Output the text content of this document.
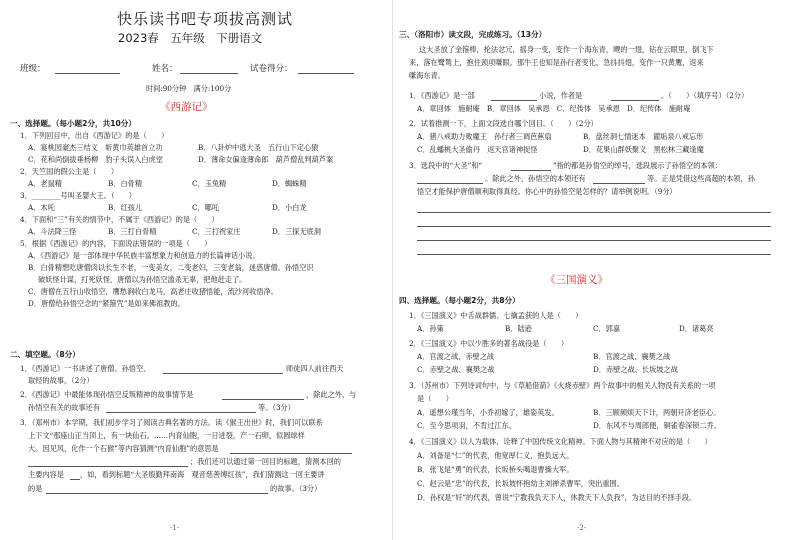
快乐读书吧专项拔高测试
2023春　五年级　下册语文
班级：	姓名：	试卷得分：
时间:90分钟　满分:100分
《西游记》
一、选择题。（每小题2分，共10分）
1．下列回目中，出自《西游记》的是（　　）
A．宴桃园豪杰三结义　斩黄巾英雄首立功	B．八卦炉中逃大圣　五行山下定心猿
C．花和尚倒拔垂杨柳　豹子头误入白虎堂	D．薄命女偏逢薄命郎　葫芦僧乱判葫芦案
2．天竺国的假公主是（　　）
A．老鼠精	B．白骨精	C．玉兔精	D．蜘蛛精
3．________号叫圣婴大王。（　　）
A．木吒	B．红孩儿	C．哪吒	D．小白龙
4．下面和“三”有关的情节中，不属于《西游记》的是（　　）
A．斗法降三怪	B．三打白骨精	C．三打祝家庄	D．三探无底洞
5．根据《西游记》的内容，下面说法错误的一项是（　　）
A．《西游记》是一部体现中华民族丰富想象力和创造力的长篇神话小说。
B．白骨精想吃唐僧肉以长生不老，一变美女，二变老妇，三变老翁，迷惑唐僧。孙悟空识
破妖怪计谋，打死妖怪，唐僧以为孙悟空滥杀无辜，把他赶走了。
C．唐僧在五行山收悟空，鹰愁涧收白龙马，高老庄收猪悟能，流沙河收悟净。
D．唐僧给孙悟空念的“紧箍咒”是如来佛祖教的。
二、填空题。（8分）
1．《西游记》一书讲述了唐僧、孙悟空、	师徒四人前往西天
取经的故事。（2分）
2．《西游记》中最能体现孙悟空反叛精神的故事情节是	，除此之外，与
孙悟空有关的故事还有	等。（3分）
3．（郑州市）本学期，我们初步学习了阅读古典名著的方法。读《猴王出世》时，我们可以联系
上下文“那座山正当顶上，有一块仙石。……内育仙胞，一日迸裂，产一石卵，似圆球样
大。因见风，化作一个石猴”等内容猜测“内育仙胞”的意思是
；我们还可以通过第一回目的标题，猜测本回的
主要内容是 ，如，看到标题“大圣殷勤拜南海　观音慈善缚红孩”，我们猜测这一回主要讲
的是	的故事。（3分）
-1-
三、（洛阳市）读文段，完成练习。（13分）
这大圣放了金箍棒，抡法忿冗，摇身一变，变作一个海东青，飕的一翅，钻在云眼里，倒飞下
来，落在鹭鸶上，抱住颈项嗛眼。那牛王也知是孙行者变化，急抖抖翅，变作一只黄鹰，返来
嗛海东青。
1．《西游记》是一部	小说，作者是	。（　　）（填序号）（2分）
A．章回体　施耐庵　B．章回体　吴承恩　C．纪传体　吴承恩　D．纪传体　施耐庵
2．试着推测一下，上面文段选自哪个回目。（　　）（2分）
A．猪八戒助力败魔王　孙行者三调芭蕉扇	B．盘丝洞七情迷本　濯垢泉八戒忘形
C．乱蟠桃大圣偷丹　返天宫诸神捉怪	D．花果山群妖聚义　黑松林三藏逢魔
3．选段中的“大圣”和“	”指的都是孙悟空的绰号，选段展示了孙悟空的本领：
。除此之外，孙悟空的本领还有	等。正是凭借这些高超的本领，孙
悟空才能保护唐僧顺利取得真经。你心中的孙悟空是怎样的？请举例说明。（9分）
《三国演义》
四、选择题。（每小题2分，共8分）
1．《三国演义》中舌战群儒、七擒孟获的人是（　　）
A．孙策	B．陆逊	C．郭嘉	D．诸葛亮
2．《三国演义》中以少胜多的著名战役是（　　）
A．官渡之战、赤壁之战	B．官渡之战、襄樊之战
C．赤壁之战、襄樊之战	D．赤壁之战、长坂坡之战
3．（苏州市）下列诗词句中，与《草船借箭》《火烧赤壁》两个故事中的相关人物没有关系的一项
是（　　）
A．遥想公瑾当年，小乔初嫁了，雄姿英发。	B．三顾频烦天下计，两朝开济老臣心。
C．至今思项羽，不肯过江东。	D．东风不与周郎便，铜雀春深锁二乔。
4．《三国演义》以人为载体，诠释了中国传统文化精神。下面人物与其精神不对应的是（　　）
A．刘备是“仁”的代表，他宽厚仁义，抱负远大。
B．张飞是“勇”的代表，长坂桥头喝退曹操大军。
C．赵云是“忠”的代表，长坂坡怀抱幼主刘禅杀曹军，突出重围。
D．孙权是“奸”的代表，曾说“宁教我负天下人，休教天下人负我”，为达目的不择手段。
-2-
